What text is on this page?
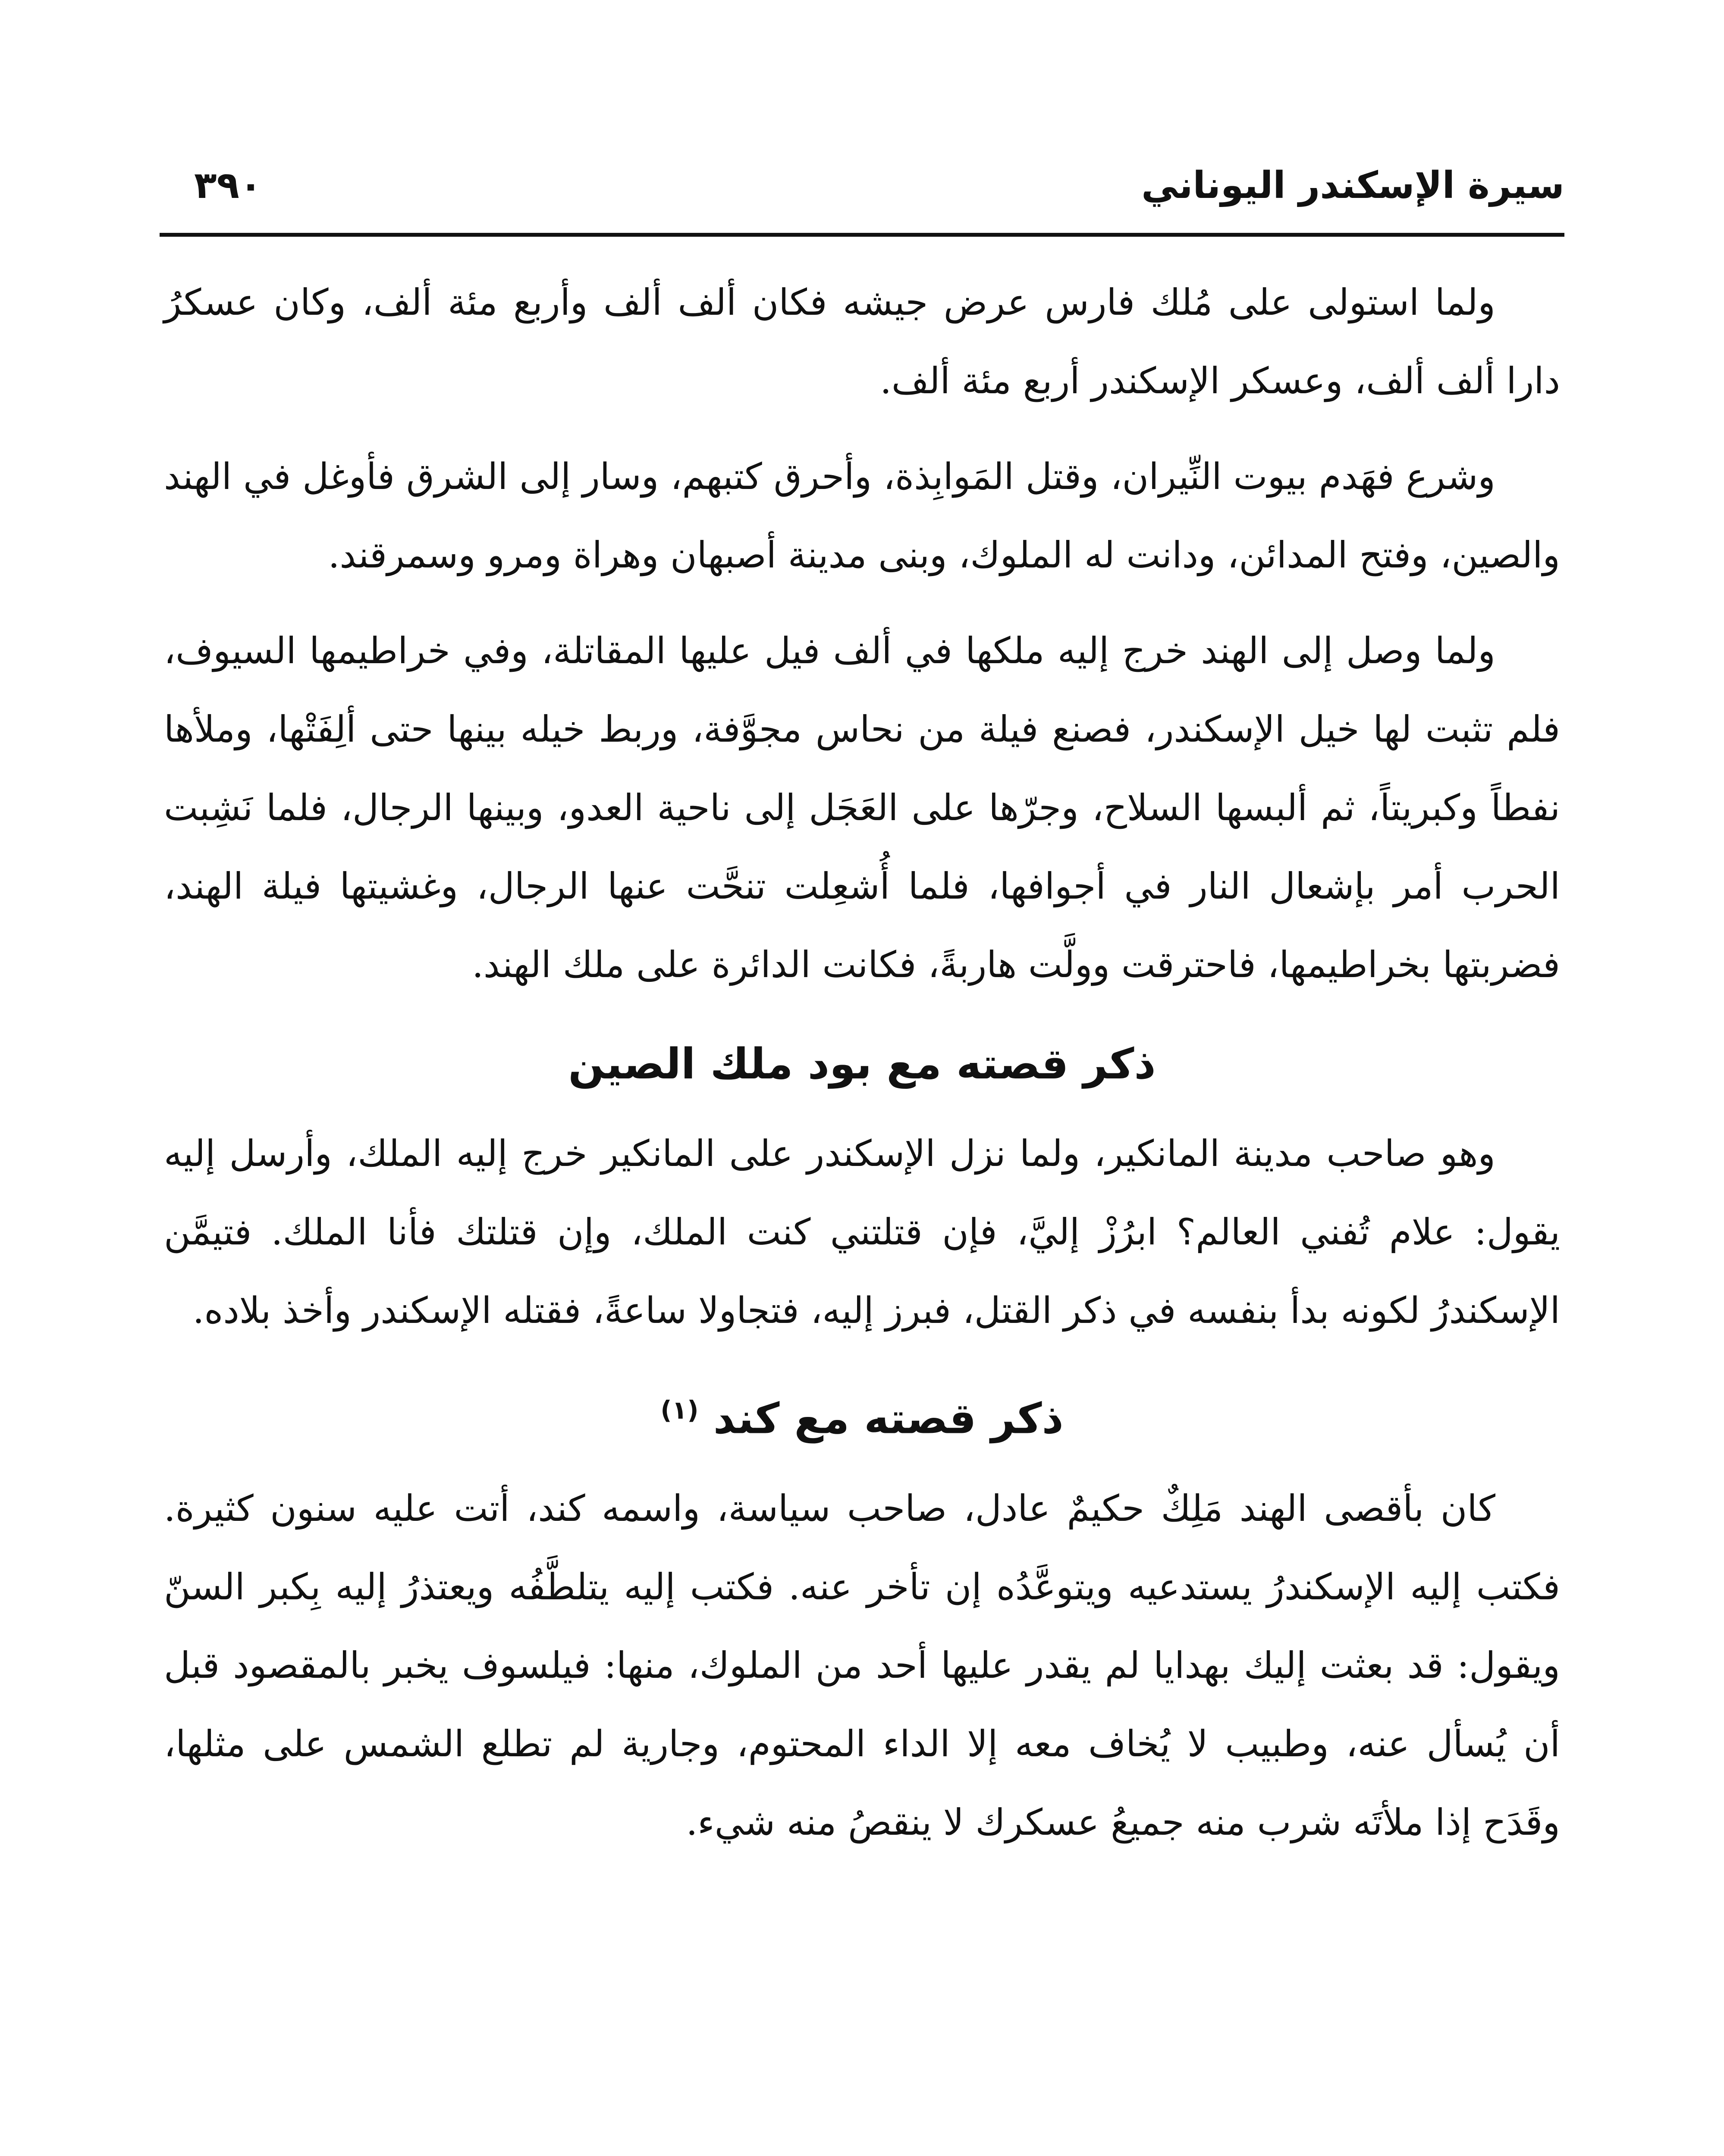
سيرة الإسكندر اليوناني
٣٩٠

ولما استولى على مُلك فارس عرض جيشه فكان ألف ألف وأربع مئة ألف، وكان عسكرُ دارا ألف ألف، وعسكر الإسكندر أربع مئة ألف.

وشرع فهَدم بيوت النِّيران، وقتل المَوابِذة، وأحرق كتبهم، وسار إلى الشرق فأوغل في الهند والصين، وفتح المدائن، ودانت له الملوك، وبنى مدينة أصبهان وهراة ومرو وسمرقند.

ولما وصل إلى الهند خرج إليه ملكها في ألف فيل عليها المقاتلة، وفي خراطيمها السيوف، فلم تثبت لها خيل الإسكندر، فصنع فيلة من نحاس مجوَّفة، وربط خيله بينها حتى ألِفَتْها، وملأها نفطاً وكبريتاً، ثم ألبسها السلاح، وجرّها على العَجَل إلى ناحية العدو، وبينها الرجال، فلما نَشِبت الحرب أمر بإشعال النار في أجوافها، فلما أُشعِلت تنحَّت عنها الرجال، وغشيتها فيلة الهند، فضربتها بخراطيمها، فاحترقت وولَّت هاربةً، فكانت الدائرة على ملك الهند.

ذكر قصته مع بود ملك الصين

وهو صاحب مدينة المانكير، ولما نزل الإسكندر على المانكير خرج إليه الملك، وأرسل إليه يقول: علام تُفني العالم؟ ابرُزْ إليَّ، فإن قتلتني كنت الملك، وإن قتلتك فأنا الملك. فتيمَّن الإسكندرُ لكونه بدأ بنفسه في ذكر القتل، فبرز إليه، فتجاولا ساعةً، فقتله الإسكندر وأخذ بلاده.

ذكر قصته مع كند $^{(١)}$

كان بأقصى الهند مَلِكٌ حكيمٌ عادل، صاحب سياسة، واسمه كند، أتت عليه سنون كثيرة. فكتب إليه الإسكندرُ يستدعيه ويتوعَّدُه إن تأخر عنه. فكتب إليه يتلطَّفُه ويعتذرُ إليه بِكبر السنّ ويقول: قد بعثت إليك بهدايا لم يقدر عليها أحد من الملوك، منها: فيلسوف يخبر بالمقصود قبل أن يُسأل عنه، وطبيب لا يُخاف معه إلا الداء المحتوم، وجارية لم تطلع الشمس على مثلها، وقَدَح إذا ملأتَه شرب منه جميعُ عسكرك لا ينقصُ منه شيء.
